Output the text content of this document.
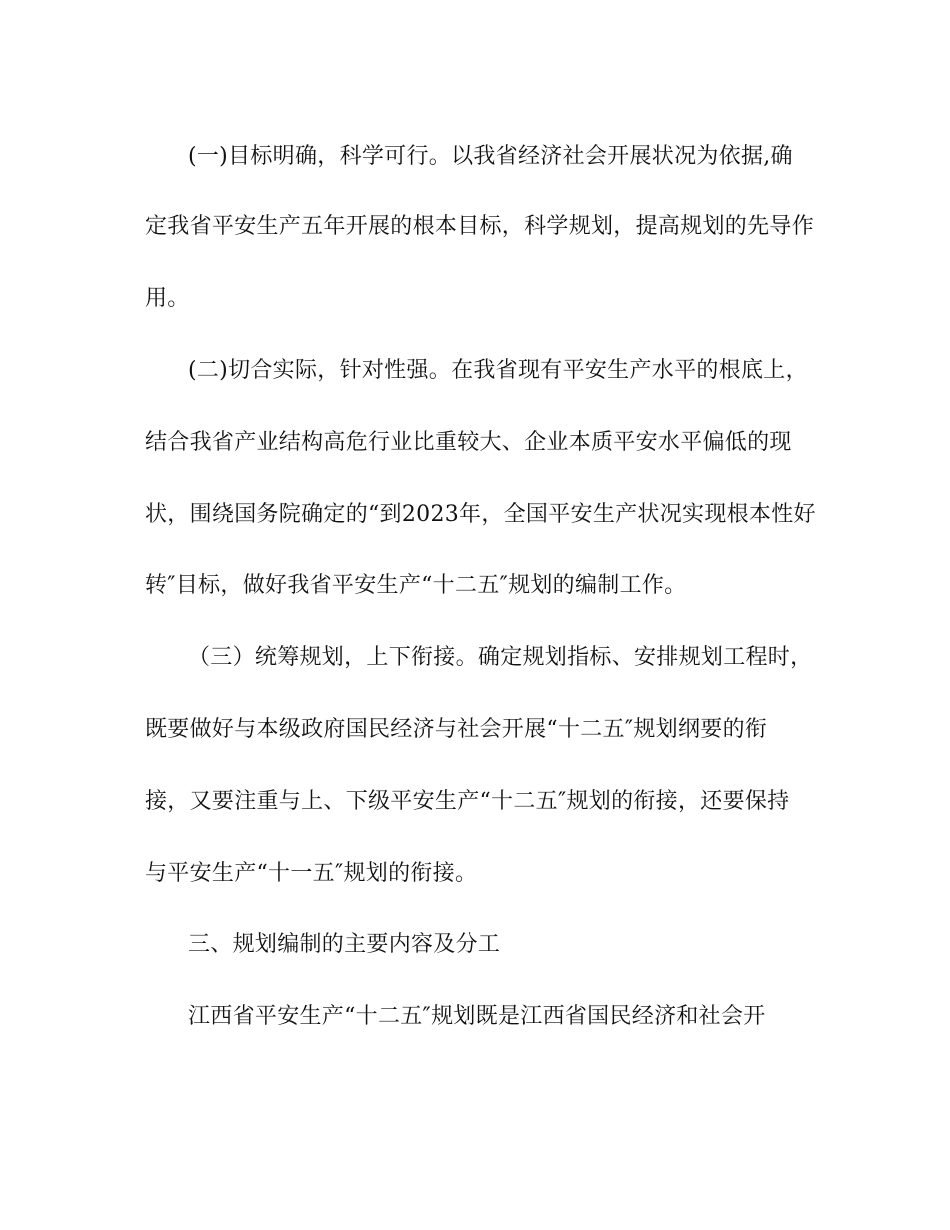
(一)目标明确，科学可行。以我省经济社会开展状况为依据,确
定我省平安生产五年开展的根本目标，科学规划，提高规划的先导作
用。
(二)切合实际，针对性强。在我省现有平安生产水平的根底上，
结合我省产业结构高危行业比重较大、企业本质平安水平偏低的现
状，围绕国务院确定的“到2023年，全国平安生产状况实现根本性好
转″目标，做好我省平安生产“十二五″规划的编制工作。
（三）统筹规划，上下衔接。确定规划指标、安排规划工程时，
既要做好与本级政府国民经济与社会开展“十二五″规划纲要的衔
接，又要注重与上、下级平安生产“十二五″规划的衔接，还要保持
与平安生产“十一五″规划的衔接。
三、规划编制的主要内容及分工
江西省平安生产“十二五″规划既是江西省国民经济和社会开
